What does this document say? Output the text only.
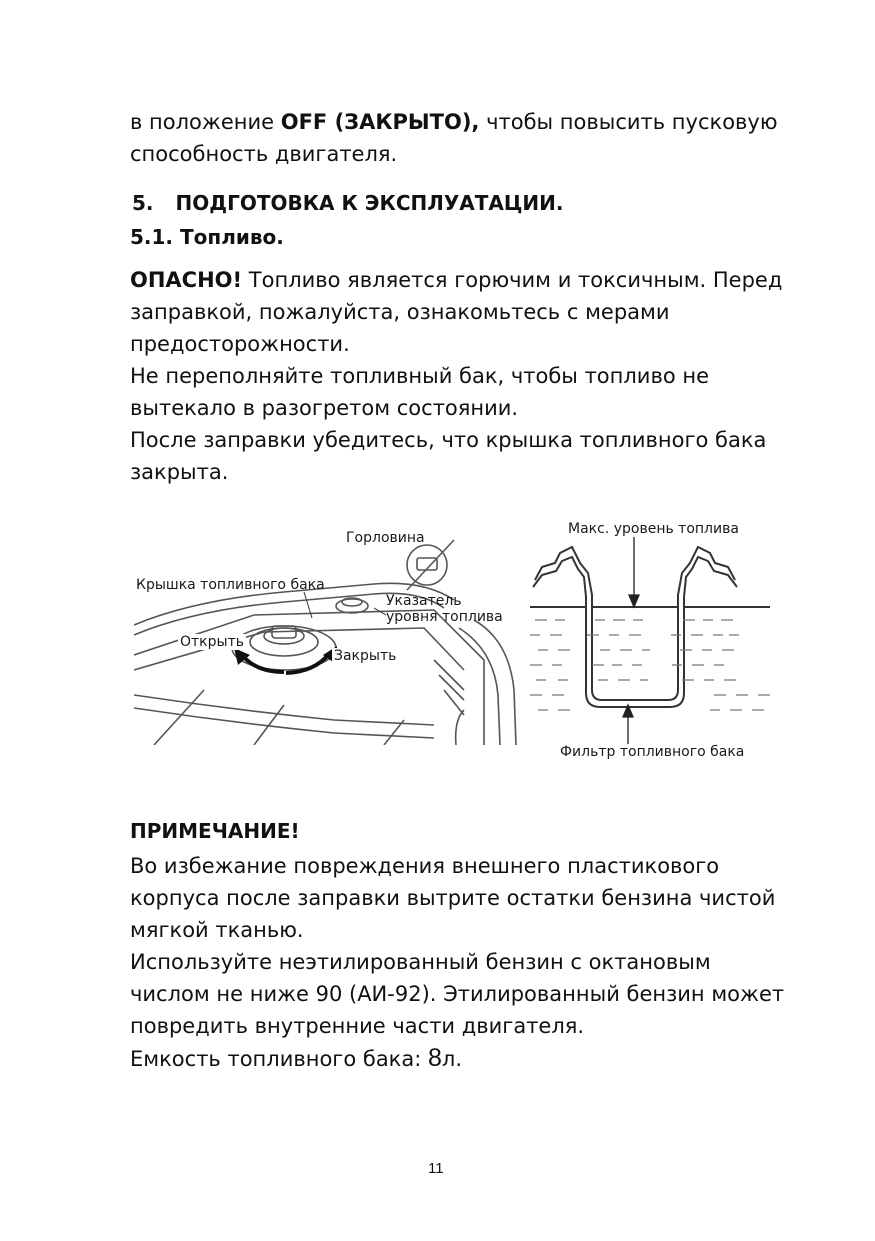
в положение OFF (ЗАКРЫТО), чтобы повысить пусковую
способность двигателя.
5. ПОДГОТОВКА К ЭКСПЛУАТАЦИИ.
5.1. Топливо.
ОПАСНО! Топливо является горючим и токсичным. Перед
заправкой, пожалуйста, ознакомьтесь с мерами
предосторожности.
Не переполняйте топливный бак, чтобы топливо не
вытекало в разогретом состоянии.
После заправки убедитесь, что крышка топливного бака
закрыта.
Горловина
Крышка топливного бака
Указатель
уровня топлива
Открыть
Закрыть
Макс. уровень топлива
Фильтр топливного бака
ПРИМЕЧАНИЕ!
Во избежание повреждения внешнего пластикового
корпуса после заправки вытрите остатки бензина чистой
мягкой тканью.
Используйте неэтилированный бензин с октановым
числом не ниже 90 (АИ-92). Этилированный бензин может
повредить внутренние части двигателя.
Емкость топливного бака: 8л.
11
